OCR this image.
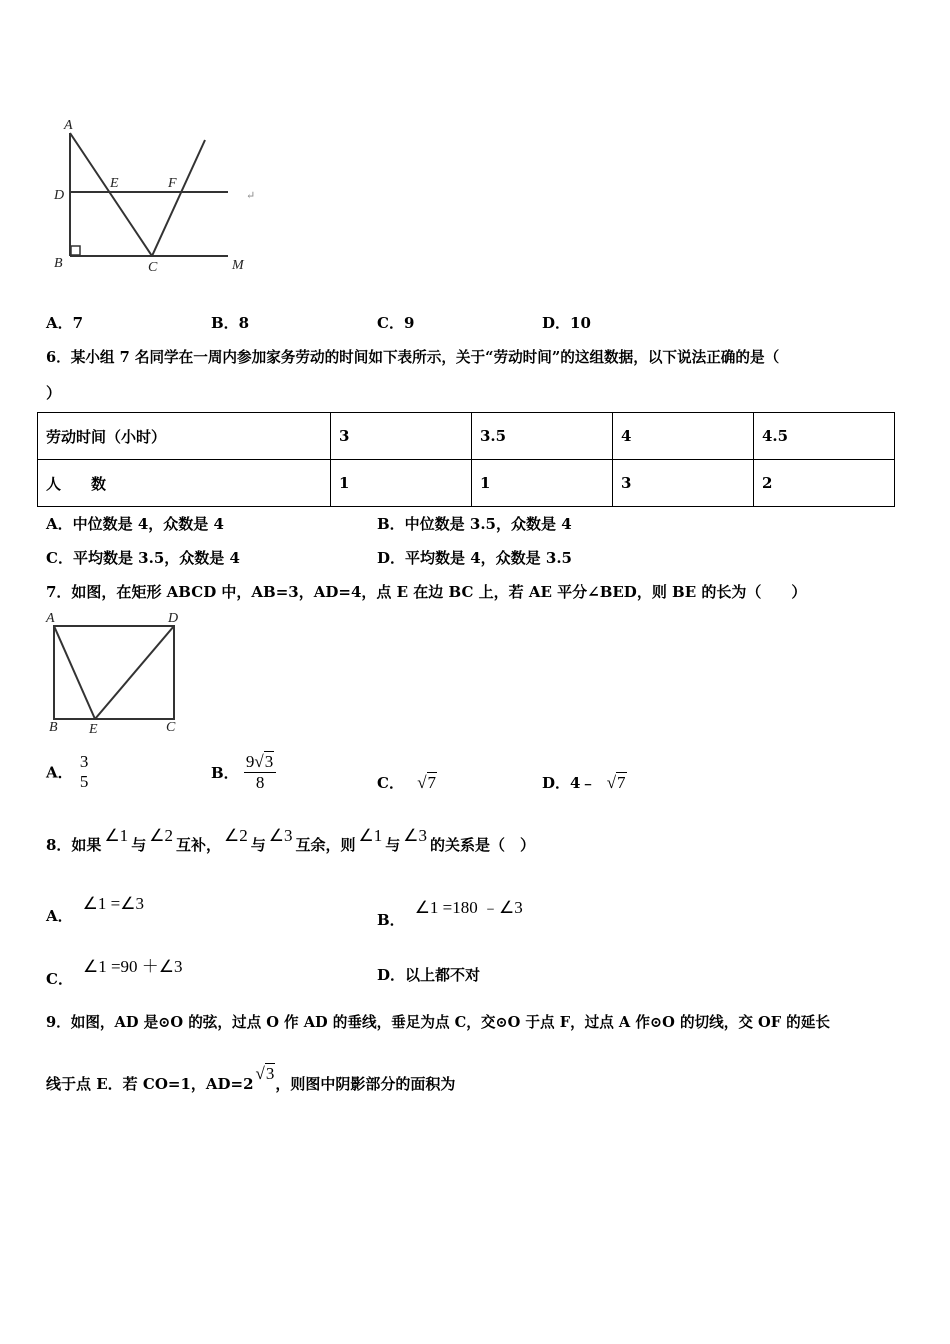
A
D
E	F
B	C	M
↵
A．7	B．8	C．9	D．10
6．某小组 7 名同学在一周内参加家务劳动的时间如下表所示，关于“劳动时间”的这组数据，以下说法正确的是（
）
劳动时间（小时）	3	3.5	4	4.5
人　　数	1	1	3	2
A．中位数是 4，众数是 4	B．中位数是 3.5，众数是 4
C．平均数是 3.5，众数是 4	D．平均数是 4，众数是 3.5
7．如图，在矩形 ABCD 中，AB=3，AD=4，点 E 在边 BC 上，若 AE 平分∠BED，则 BE 的长为（　　）
A	D
B E	C
A．
3
5	B． $\frac{9√3}{8}$	C． √7	D．4﹣ √7
8．如果 ∠1 与 ∠2 互补， ∠2 与 ∠3 互余，则 ∠1 与 ∠3 的关系是（　）
A．∠1 =∠3
B．∠1 =180 ﹣∠3
C．∠1 =90 ＋∠3	D．以上都不对
9．如图，AD 是⊙O 的弦，过点 O 作 AD 的垂线，垂足为点 C，交⊙O 于点 F，过点 A 作⊙O 的切线，交 OF 的延长
线于点 E．若 CO=1，AD=2√3，则图中阴影部分的面积为
